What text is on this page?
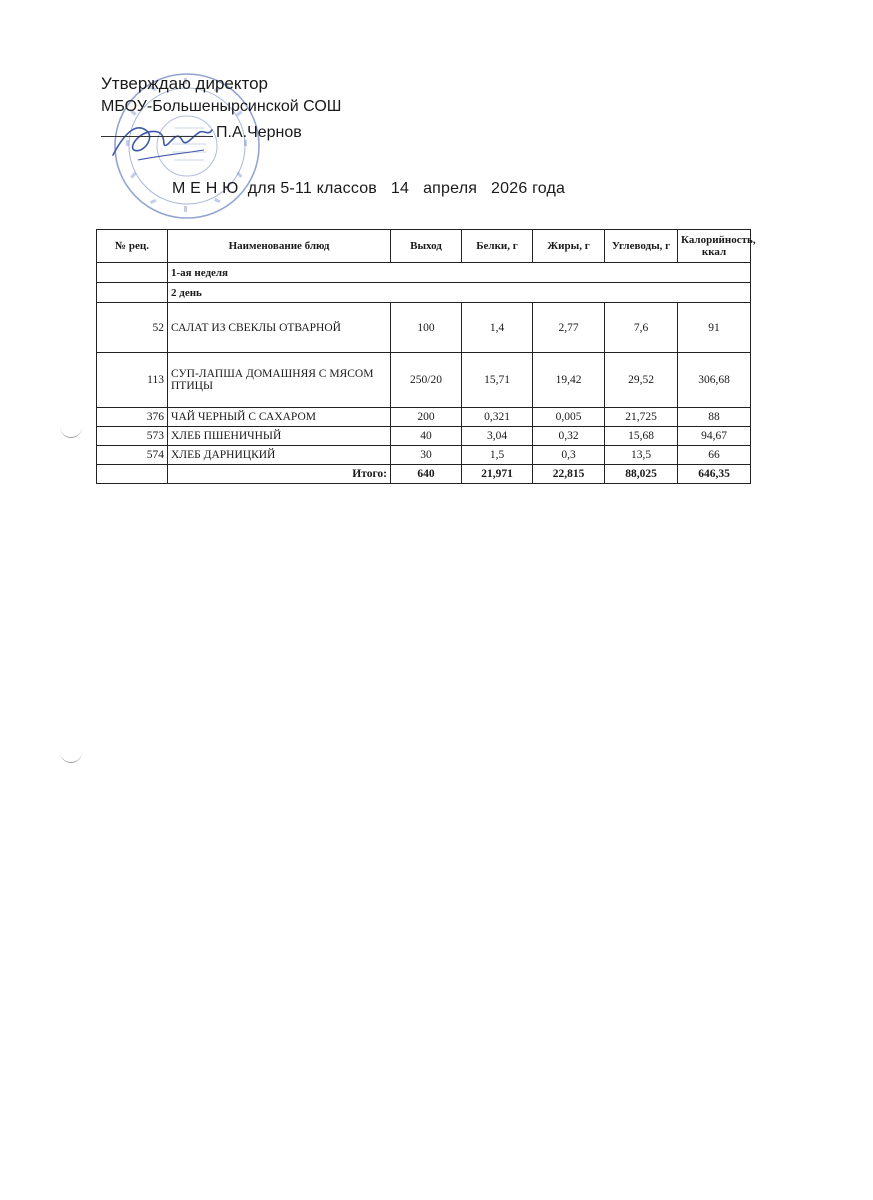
Утверждаю директор
МБОУ-Большенырсинской СОШ
П.А.Чернов
М Е Н Ю  для 5-11 классов   14   апреля   2026 года
№ рец.	Наименование блюд	Выход	Белки, г	Жиры, г	Углеводы, г	Калорийность, ккал
	1-ая неделя					
	2 день					
52	САЛАТ ИЗ СВЕКЛЫ ОТВАРНОЙ	100	1,4	2,77	7,6	91
113	СУП-ЛАПША ДОМАШНЯЯ С МЯСОМ ПТИЦЫ	250/20	15,71	19,42	29,52	306,68
376	ЧАЙ ЧЕРНЫЙ С САХАРОМ	200	0,321	0,005	21,725	88
573	ХЛЕБ ПШЕНИЧНЫЙ	40	3,04	0,32	15,68	94,67
574	ХЛЕБ ДАРНИЦКИЙ	30	1,5	0,3	13,5	66
	Итого:	640	21,971	22,815	88,025	646,35
